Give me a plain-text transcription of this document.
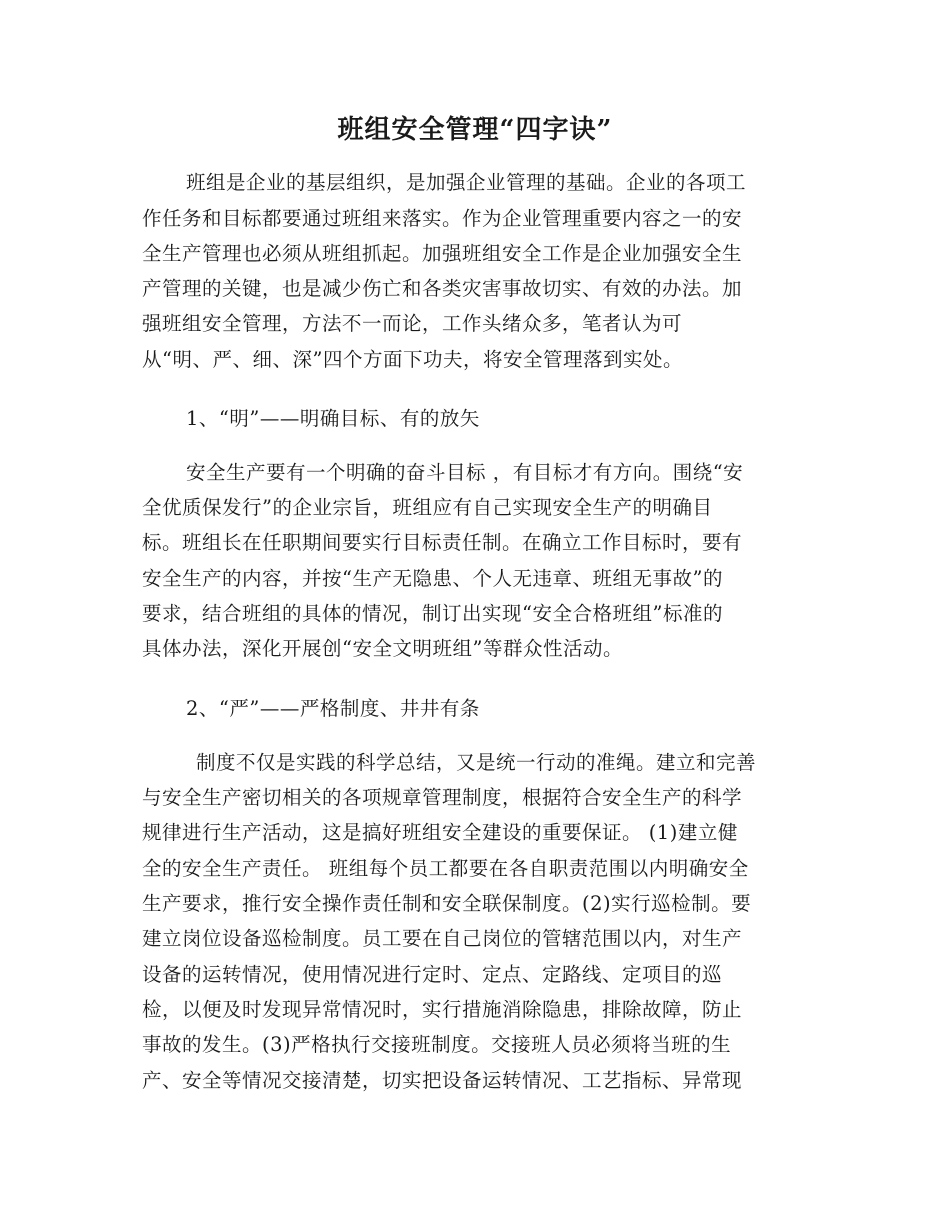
班组安全管理“四字诀”
班组是企业的基层组织，是加强企业管理的基础。企业的各项工
作任务和目标都要通过班组来落实。作为企业管理重要内容之一的安
全生产管理也必须从班组抓起。加强班组安全工作是企业加强安全生
产管理的关键，也是减少伤亡和各类灾害事故切实、有效的办法。加
强班组安全管理，方法不一而论，工作头绪众多，笔者认为可
从“明、严、细、深”四个方面下功夫，将安全管理落到实处。
1、“明”——明确目标、有的放矢
安全生产要有一个明确的奋斗目标 ，有目标才有方向。围绕“安
全优质保发行”的企业宗旨，班组应有自己实现安全生产的明确目
标。班组长在任职期间要实行目标责任制。在确立工作目标时，要有
安全生产的内容，并按“生产无隐患、个人无违章、班组无事故”的
要求，结合班组的具体的情况，制订出实现“安全合格班组”标准的
具体办法，深化开展创“安全文明班组”等群众性活动。
2、“严”——严格制度、井井有条
制度不仅是实践的科学总结，又是统一行动的准绳。建立和完善
与安全生产密切相关的各项规章管理制度，根据符合安全生产的科学
规律进行生产活动，这是搞好班组安全建设的重要保证。 (1)建立健
全的安全生产责任。 班组每个员工都要在各自职责范围以内明确安全
生产要求，推行安全操作责任制和安全联保制度。(2)实行巡检制。要
建立岗位设备巡检制度。员工要在自己岗位的管辖范围以内，对生产
设备的运转情况，使用情况进行定时、定点、定路线、定项目的巡
检，以便及时发现异常情况时，实行措施消除隐患，排除故障，防止
事故的发生。(3)严格执行交接班制度。交接班人员必须将当班的生
产、安全等情况交接清楚，切实把设备运转情况、工艺指标、异常现
